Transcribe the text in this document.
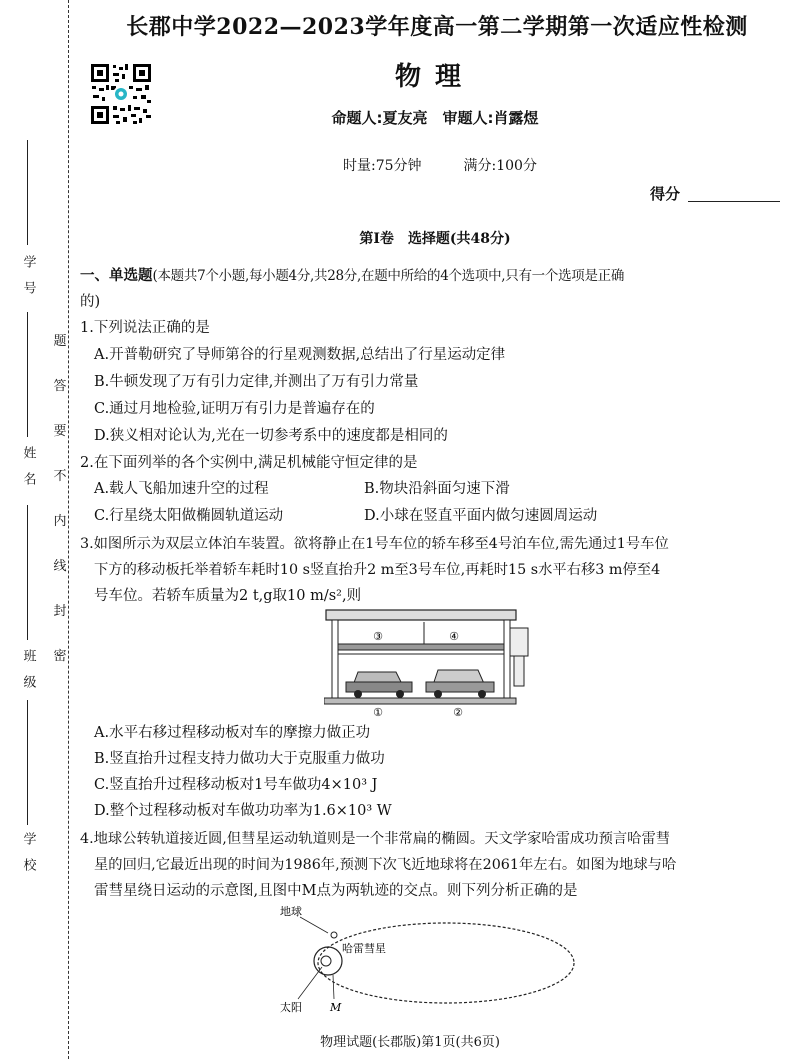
学　号
姓　名
班　级
学　校
题
答
要
不
内
线
封
密
长郡中学2022—2023学年度高一第二学期第一次适应性检测
物理
命题人:夏友亮　审题人:肖露煜
时量:75分钟　　　满分:100分
得分
第Ⅰ卷　选择题(共48分)
一、单选题(本题共7个小题,每小题4分,共28分,在题中所给的4个选项中,只有一个选项是正确
的)
1.下列说法正确的是
A.开普勒研究了导师第谷的行星观测数据,总结出了行星运动定律
B.牛顿发现了万有引力定律,并测出了万有引力常量
C.通过月地检验,证明万有引力是普遍存在的
D.狭义相对论认为,光在一切参考系中的速度都是相同的
2.在下面列举的各个实例中,满足机械能守恒定律的是
A.载人飞船加速升空的过程	B.物块沿斜面匀速下滑
C.行星绕太阳做椭圆轨道运动	D.小球在竖直平面内做匀速圆周运动
3.如图所示为双层立体泊车装置。欲将静止在1号车位的轿车移至4号泊车位,需先通过1号车位
下方的移动板托举着轿车耗时10 s竖直抬升2 m至3号车位,再耗时15 s水平右移3 m停至4
号车位。若轿车质量为2 t,g取10 m/s²,则
③	④
①	②
A.水平右移过程移动板对车的摩擦力做正功
B.竖直抬升过程支持力做功大于克服重力做功
C.竖直抬升过程移动板对1号车做功4×10³ J
D.整个过程移动板对车做功功率为1.6×10³ W
4.地球公转轨道接近圆,但彗星运动轨道则是一个非常扁的椭圆。天文学家哈雷成功预言哈雷彗
星的回归,它最近出现的时间为1986年,预测下次飞近地球将在2061年左右。如图为地球与哈
雷彗星绕日运动的示意图,且图中M点为两轨迹的交点。则下列分析正确的是
地球
哈雷彗星
太阳	M
物理试题(长郡版)第1页(共6页)
